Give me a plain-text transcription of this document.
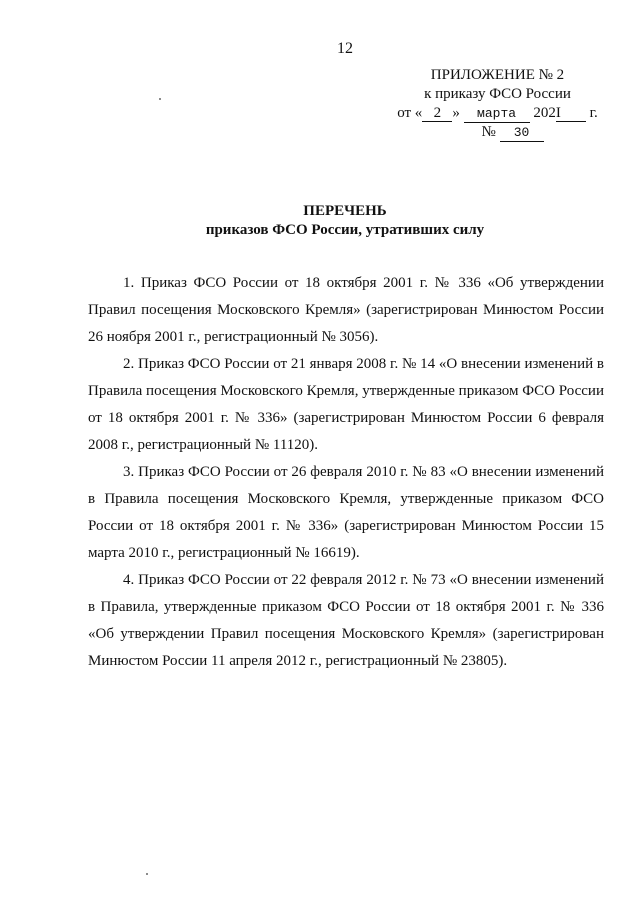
12
ПРИЛОЖЕНИЕ № 2
к приказу ФСО России
от « 2 » марта 202I г.
№ 30
ПЕРЕЧЕНЬ
приказов ФСО России, утративших силу

1. Приказ ФСО России от 18 октября 2001 г. № 336 «Об утверждении Правил посещения Московского Кремля» (зарегистрирован Минюстом России 26 ноября 2001 г., регистрационный № 3056).

2. Приказ ФСО России от 21 января 2008 г. № 14 «О внесении изменений в Правила посещения Московского Кремля, утвержденные приказом ФСО России от 18 октября 2001 г. № 336» (зарегистрирован Минюстом России 6 февраля 2008 г., регистрационный № 11120).

3. Приказ ФСО России от 26 февраля 2010 г. № 83 «О внесении изменений в Правила посещения Московского Кремля, утвержденные приказом ФСО России от 18 октября 2001 г. № 336» (зарегистрирован Минюстом России 15 марта 2010 г., регистрационный № 16619).

4. Приказ ФСО России от 22 февраля 2012 г. № 73 «О внесении изменений в Правила, утвержденные приказом ФСО России от 18 октября 2001 г. № 336 «Об утверждении Правил посещения Московского Кремля» (зарегистрирован Минюстом России 11 апреля 2012 г., регистрационный № 23805).
